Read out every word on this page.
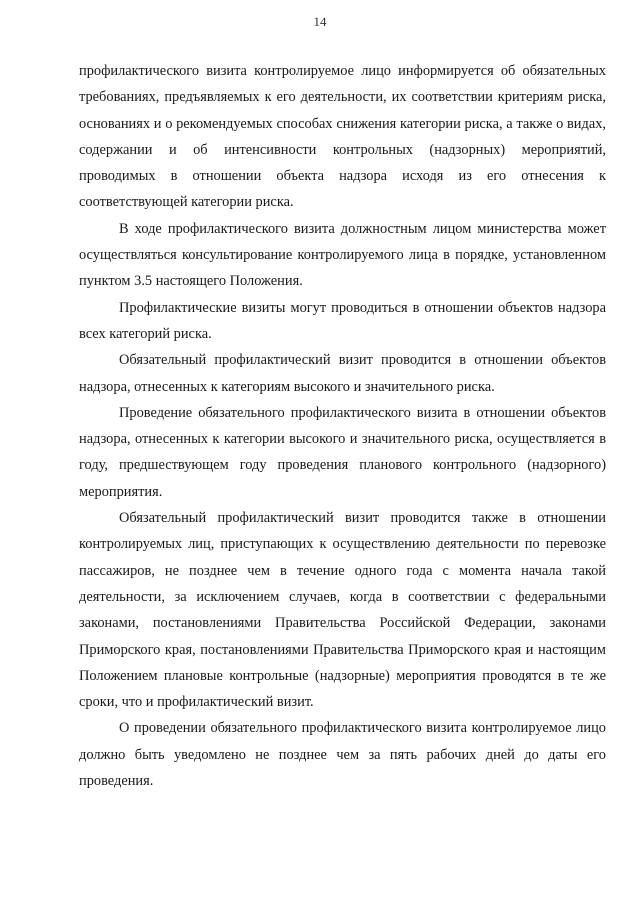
14

профилактического визита контролируемое лицо информируется об обязательных требованиях, предъявляемых к его деятельности, их соответствии критериям риска, основаниях и о рекомендуемых способах снижения категории риска, а также о видах, содержании и об интенсивности контрольных (надзорных) мероприятий, проводимых в отношении объекта надзора исходя из его отнесения к соответствующей категории риска.

В ходе профилактического визита должностным лицом министерства может осуществляться консультирование контролируемого лица в порядке, установленном пунктом 3.5 настоящего Положения.

Профилактические визиты могут проводиться в отношении объектов надзора всех категорий риска.

Обязательный профилактический визит проводится в отношении объектов надзора, отнесенных к категориям высокого и значительного риска.

Проведение обязательного профилактического визита в отношении объектов надзора, отнесенных к категории высокого и значительного риска, осуществляется в году, предшествующем году проведения планового контрольного (надзорного) мероприятия.

Обязательный профилактический визит проводится также в отношении контролируемых лиц, приступающих к осуществлению деятельности по перевозке пассажиров, не позднее чем в течение одного года с момента начала такой деятельности, за исключением случаев, когда в соответствии с федеральными законами, постановлениями Правительства Российской Федерации, законами Приморского края, постановлениями Правительства Приморского края и настоящим Положением плановые контрольные (надзорные) мероприятия проводятся в те же сроки, что и профилактический визит.

О проведении обязательного профилактического визита контролируемое лицо должно быть уведомлено не позднее чем за пять рабочих дней до даты его проведения.
